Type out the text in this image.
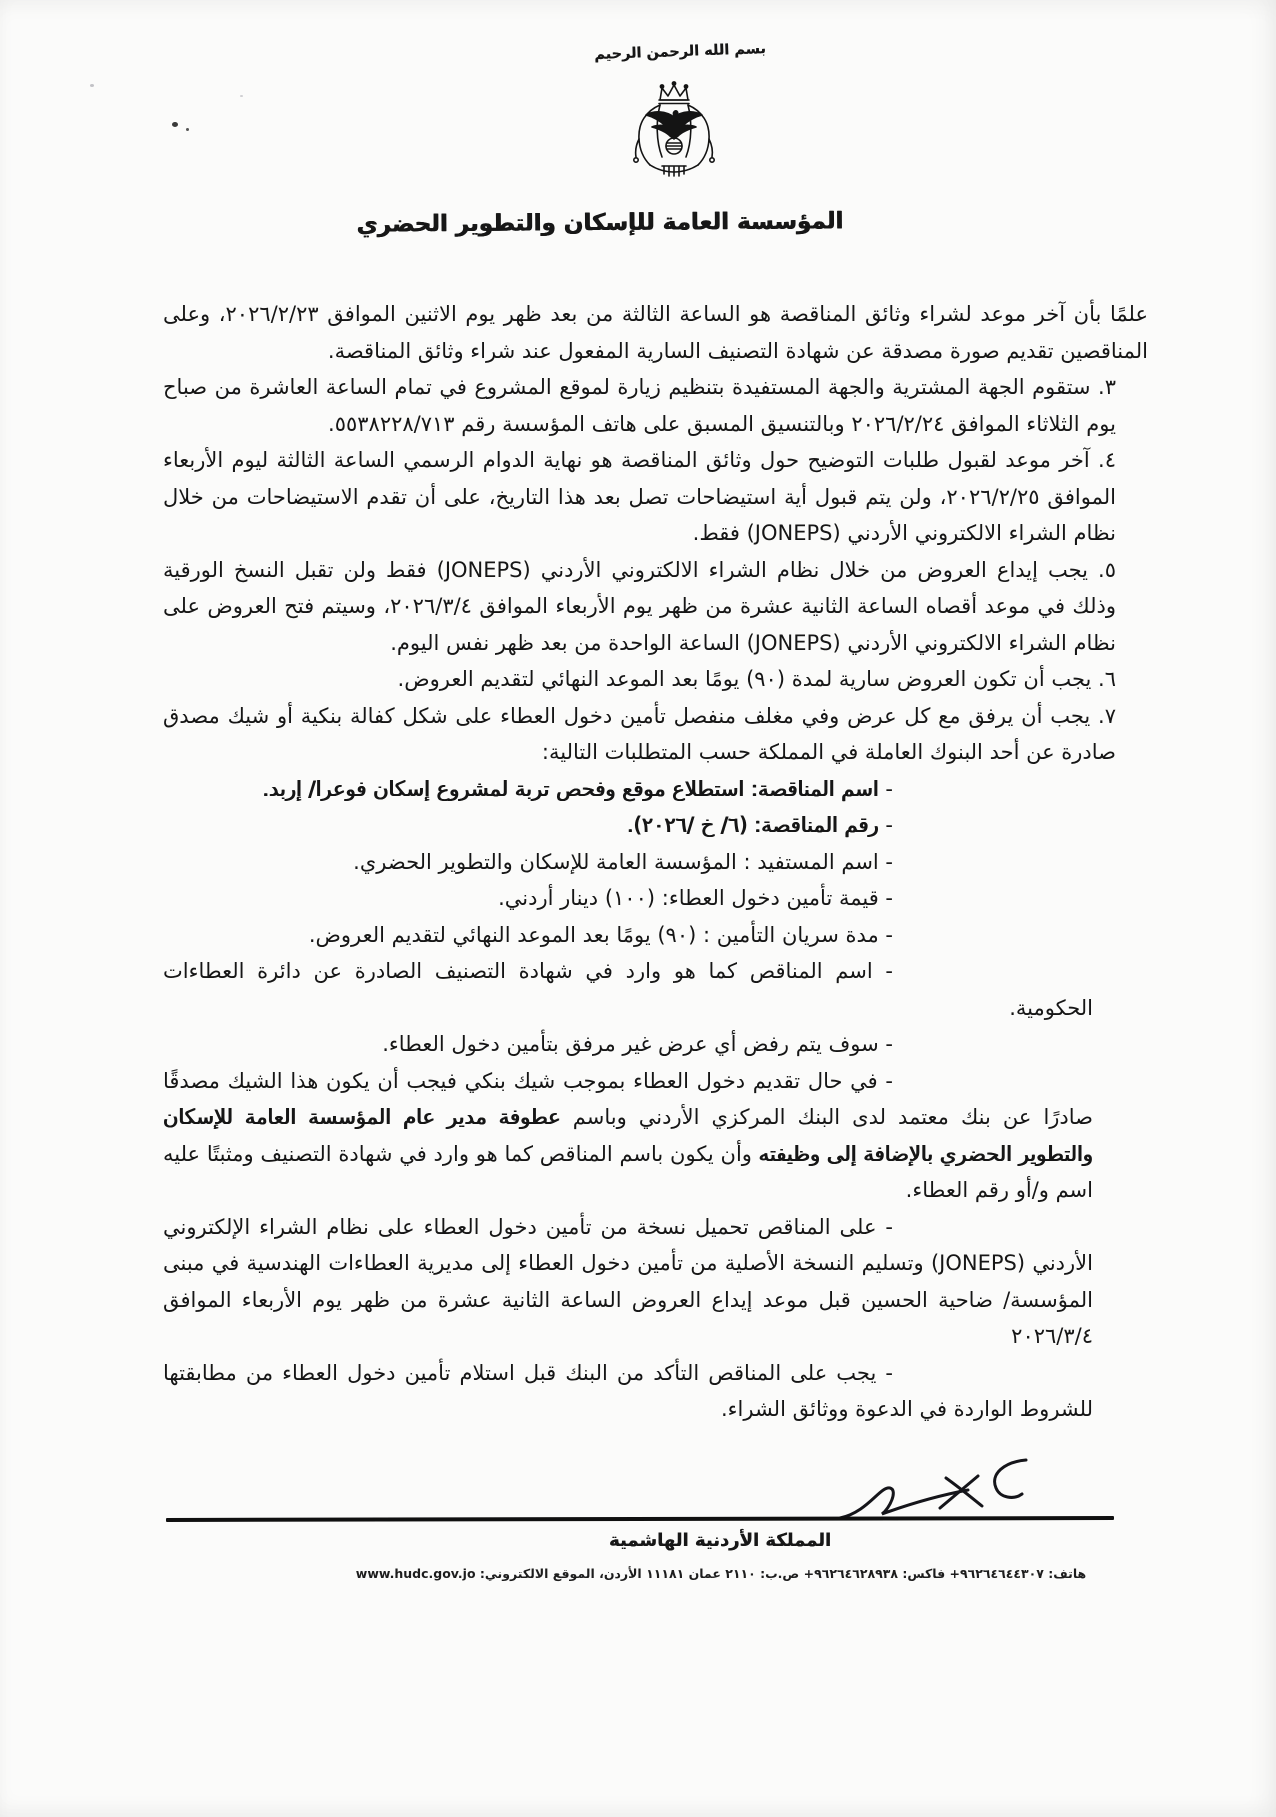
بسم الله الرحمن الرحيم
المؤسسة العامة للإسكان والتطوير الحضري

علمًا بأن آخر موعد لشراء وثائق المناقصة هو الساعة الثالثة من بعد ظهر يوم الاثنين الموافق ٢٠٢٦/٢/٢٣، وعلى المناقصين تقديم صورة مصدقة عن شهادة التصنيف السارية المفعول عند شراء وثائق المناقصة.

٣. ستقوم الجهة المشترية والجهة المستفيدة بتنظيم زيارة لموقع المشروع في تمام الساعة العاشرة من صباح يوم الثلاثاء الموافق ٢٠٢٦/٢/٢٤ وبالتنسيق المسبق على هاتف المؤسسة رقم ٥٥٣٨٢٢٨/٧١٣.

٤. آخر موعد لقبول طلبات التوضيح حول وثائق المناقصة هو نهاية الدوام الرسمي الساعة الثالثة ليوم الأربعاء الموافق ٢٠٢٦/٢/٢٥، ولن يتم قبول أية استيضاحات تصل بعد هذا التاريخ، على أن تقدم الاستيضاحات من خلال نظام الشراء الالكتروني الأردني (JONEPS) فقط.

٥. يجب إيداع العروض من خلال نظام الشراء الالكتروني الأردني (JONEPS) فقط ولن تقبل النسخ الورقية وذلك في موعد أقصاه الساعة الثانية عشرة من ظهر يوم الأربعاء الموافق ٢٠٢٦/٣/٤، وسيتم فتح العروض على نظام الشراء الالكتروني الأردني (JONEPS) الساعة الواحدة من بعد ظهر نفس اليوم.

٦. يجب أن تكون العروض سارية لمدة (٩٠) يومًا بعد الموعد النهائي لتقديم العروض.

٧. يجب أن يرفق مع كل عرض وفي مغلف منفصل تأمين دخول العطاء على شكل كفالة بنكية أو شيك مصدق صادرة عن أحد البنوك العاملة في المملكة حسب المتطلبات التالية:

- اسم المناقصة: استطلاع موقع وفحص تربة لمشروع إسكان فوعرا/ إربد.

- رقم المناقصة: (٦/ خ /٢٠٢٦).

- اسم المستفيد : المؤسسة العامة للإسكان والتطوير الحضري.

- قيمة تأمين دخول العطاء: (١٠٠) دينار أردني.

- مدة سريان التأمين : (٩٠) يومًا بعد الموعد النهائي لتقديم العروض.

- اسم المناقص كما هو وارد في شهادة التصنيف الصادرة عن دائرة العطاءات الحكومية.

- سوف يتم رفض أي عرض غير مرفق بتأمين دخول العطاء.

- في حال تقديم دخول العطاء بموجب شيك بنكي فيجب أن يكون هذا الشيك مصدقًا صادرًا عن بنك معتمد لدى البنك المركزي الأردني وباسم عطوفة مدير عام المؤسسة العامة للإسكان والتطوير الحضري بالإضافة إلى وظيفته وأن يكون باسم المناقص كما هو وارد في شهادة التصنيف ومثبتًا عليه اسم و/أو رقم العطاء.

- على المناقص تحميل نسخة من تأمين دخول العطاء على نظام الشراء الإلكتروني الأردني (JONEPS) وتسليم النسخة الأصلية من تأمين دخول العطاء إلى مديرية العطاءات الهندسية في مبنى المؤسسة/ ضاحية الحسين قبل موعد إيداع العروض الساعة الثانية عشرة من ظهر يوم الأربعاء الموافق ٢٠٢٦/٣/٤

- يجب على المناقص التأكد من البنك قبل استلام تأمين دخول العطاء من مطابقتها للشروط الواردة في الدعوة ووثائق الشراء.

المملكة الأردنية الهاشمية
هاتف: ٩٦٢٦٤٦٤٤٣٠٧+ فاكس: ٩٦٢٦٤٦٢٨٩٣٨+ ص.ب: ٢١١٠ عمان ١١١٨١ الأردن، الموقع الالكتروني: www.hudc.gov.jo
